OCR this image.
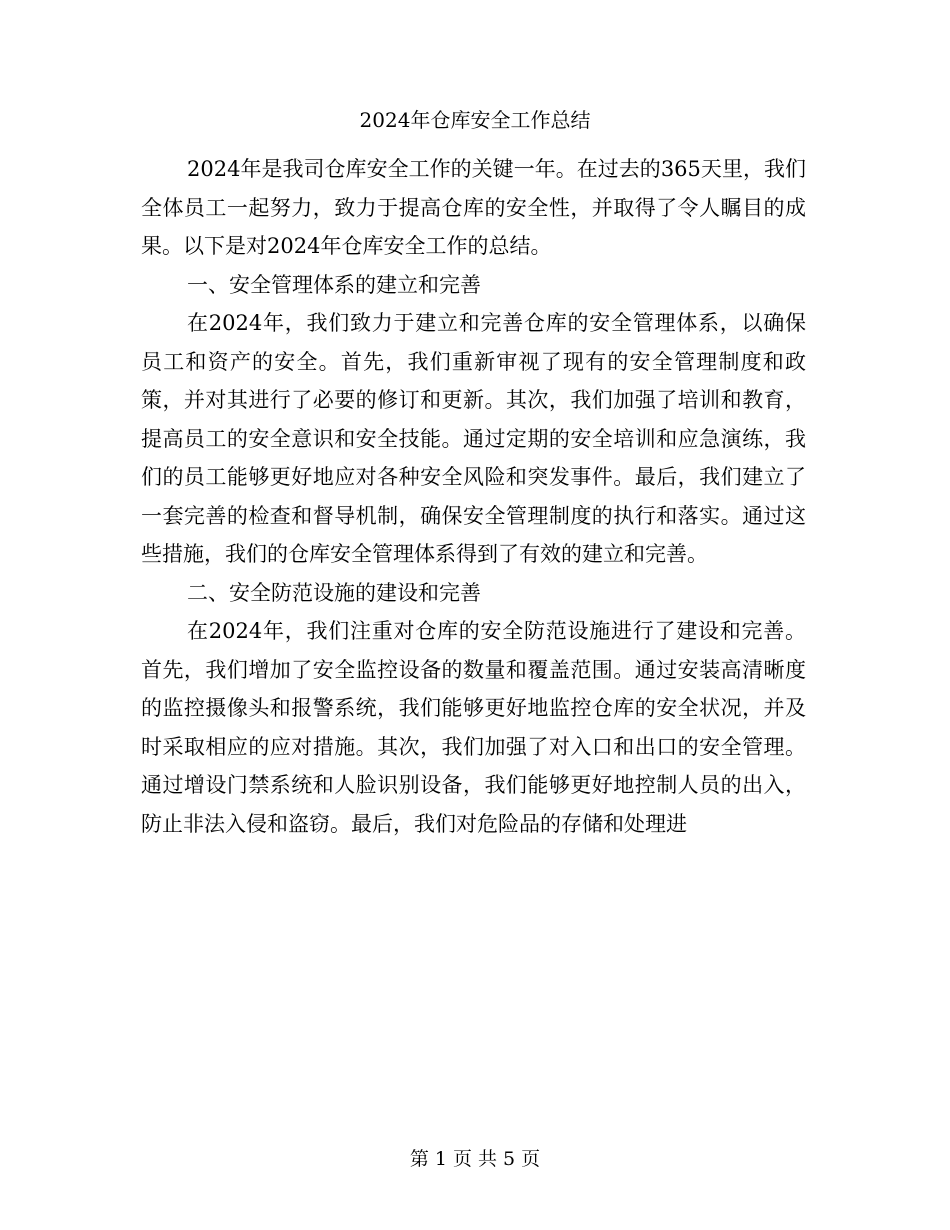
2024年仓库安全工作总结

2024年是我司仓库安全工作的关键一年。在过去的365天里，我们全体员工一起努力，致力于提高仓库的安全性，并取得了令人瞩目的成果。以下是对2024年仓库安全工作的总结。

一、安全管理体系的建立和完善

在2024年，我们致力于建立和完善仓库的安全管理体系，以确保员工和资产的安全。首先，我们重新审视了现有的安全管理制度和政策，并对其进行了必要的修订和更新。其次，我们加强了培训和教育，提高员工的安全意识和安全技能。通过定期的安全培训和应急演练，我们的员工能够更好地应对各种安全风险和突发事件。最后，我们建立了一套完善的检查和督导机制，确保安全管理制度的执行和落实。通过这些措施，我们的仓库安全管理体系得到了有效的建立和完善。

二、安全防范设施的建设和完善

在2024年，我们注重对仓库的安全防范设施进行了建设和完善。首先，我们增加了安全监控设备的数量和覆盖范围。通过安装高清晰度的监控摄像头和报警系统，我们能够更好地监控仓库的安全状况，并及时采取相应的应对措施。其次，我们加强了对入口和出口的安全管理。通过增设门禁系统和人脸识别设备，我们能够更好地控制人员的出入，防止非法入侵和盗窃。最后，我们对危险品的存储和处理进

第 1 页 共 5 页
